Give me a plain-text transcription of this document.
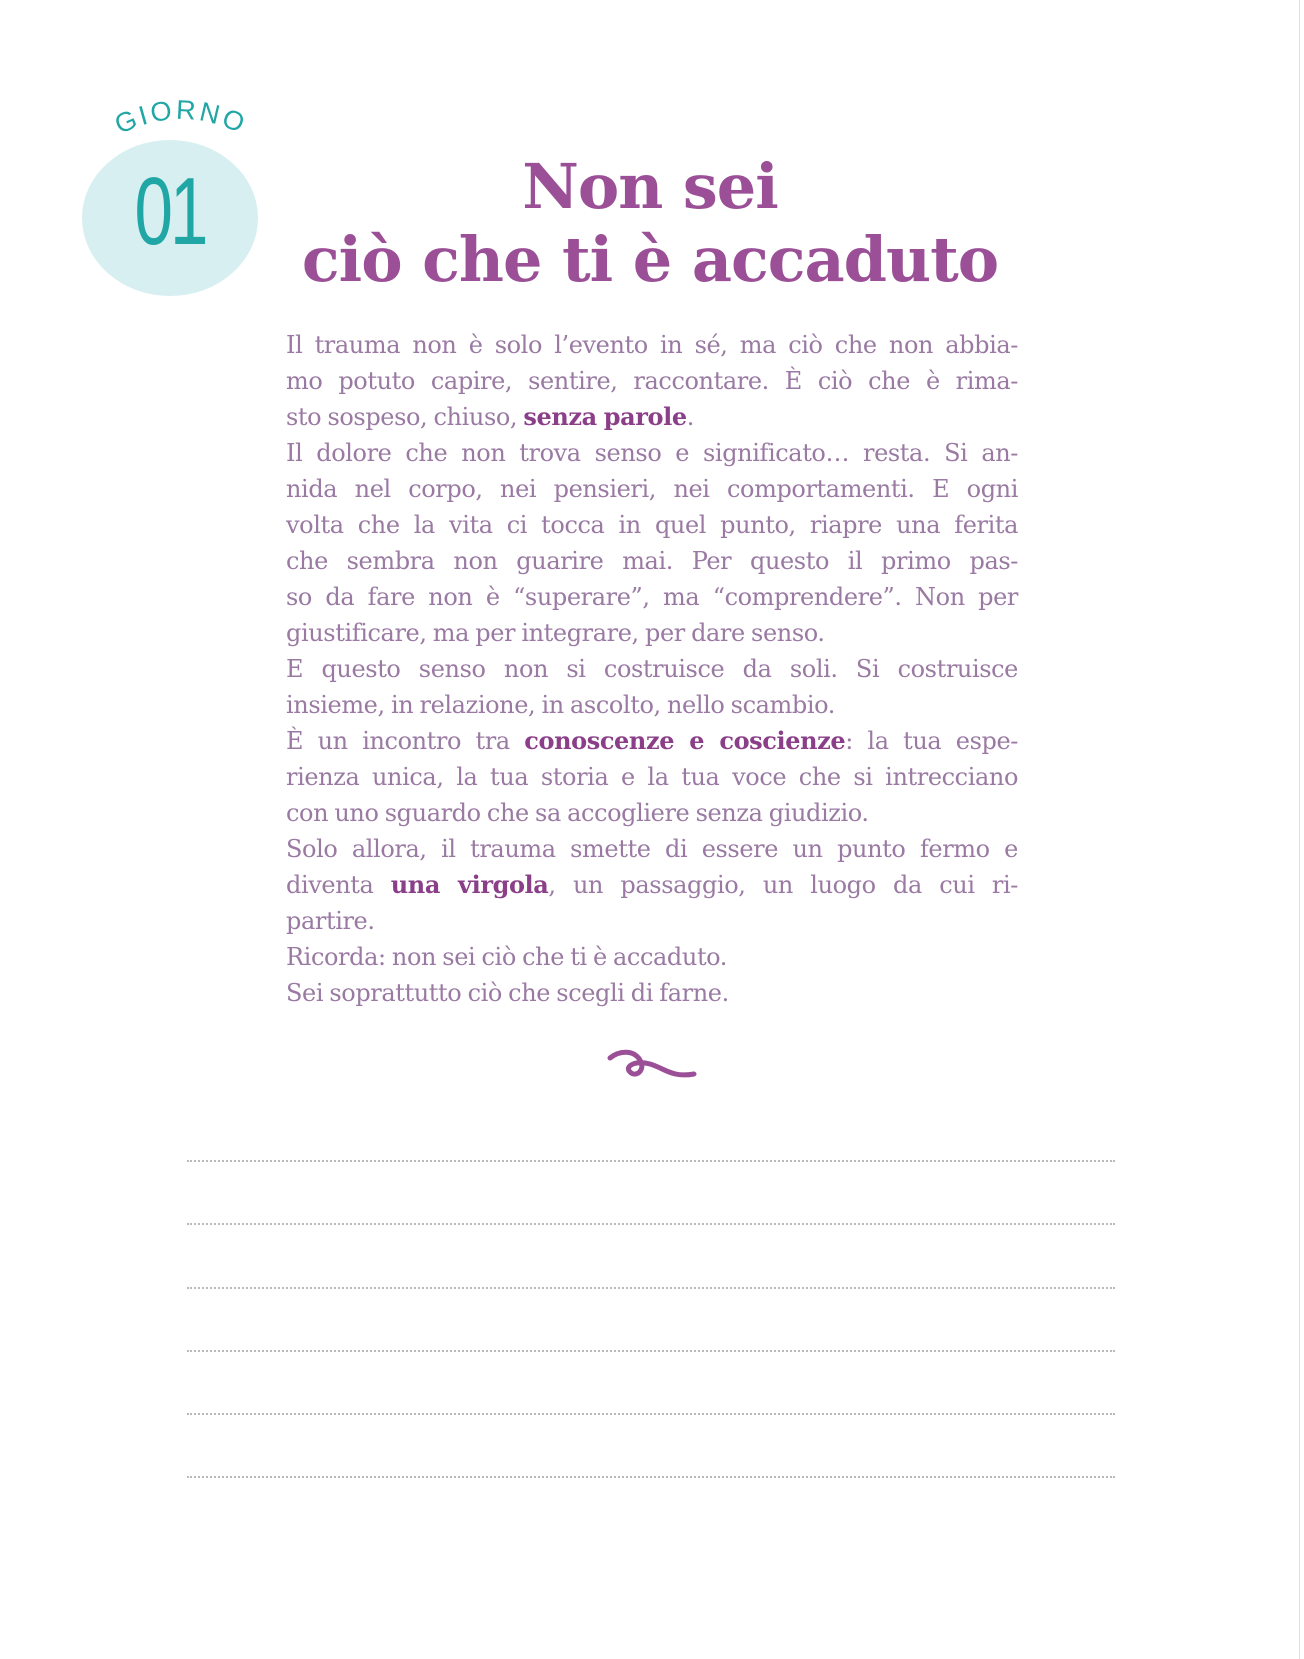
GIORNO
01	Non sei
ciò che ti è accaduto
Il trauma non è solo l’evento in sé, ma ciò che non abbia-
mo potuto capire, sentire, raccontare. È ciò che è rima-
sto sospeso, chiuso, senza parole.
Il dolore che non trova senso e significato… resta. Si an-
nida nel corpo, nei pensieri, nei comportamenti. E ogni
volta che la vita ci tocca in quel punto, riapre una ferita
che sembra non guarire mai. Per questo il primo pas-
so da fare non è “superare”, ma “comprendere”. Non per
giustificare, ma per integrare, per dare senso.
E questo senso non si costruisce da soli. Si costruisce
insieme, in relazione, in ascolto, nello scambio.
È un incontro tra conoscenze e coscienze: la tua espe-
rienza unica, la tua storia e la tua voce che si intrecciano
con uno sguardo che sa accogliere senza giudizio.
Solo allora, il trauma smette di essere un punto fermo e
diventa una virgola, un passaggio, un luogo da cui ri-
partire.
Ricorda: non sei ciò che ti è accaduto.
Sei soprattutto ciò che scegli di farne.
